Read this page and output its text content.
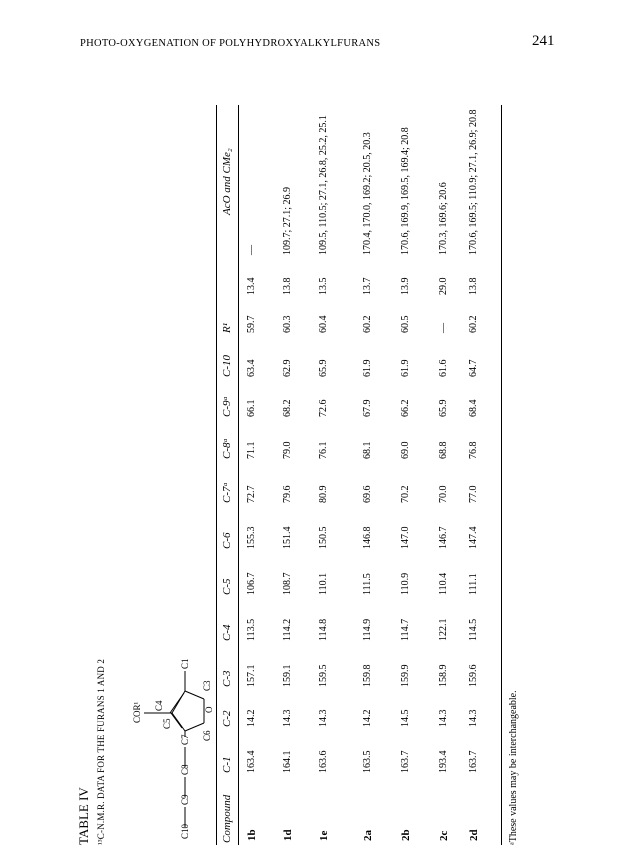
PHOTO-OXYGENATION OF POLYHYDROXYALKYLFURANS	241
TABLE IV ¹³C-N.M.R. DATA FOR THE FURANS 1 AND 2	C10
C9
C8
C7 C6
C5
C4
C3
C1
O
COR¹
Compound
C-1
C-2
C-3
C-4
C-5
C-6
C-7ᵃ
C-8ᵃ
C-9ᵃ
C-10
R¹
AcO and CMe₂
1b
163.4
14.2
157.1
113.5
106.7
155.3
72.7
71.1
66.1
63.4
59.7
13.4
—
1d
164.1
14.3
159.1
114.2
108.7
151.4
79.6
79.0
68.2
62.9
60.3
13.8
109.7; 27.1; 26.9
1e
163.6
14.3
159.5
114.8
110.1
150.5
80.9
76.1
72.6
65.9
60.4
13.5
109.5, 110.5; 27.1, 26.8, 25.2, 25.1
2a
163.5
14.2
159.8
114.9
111.5
146.8
69.6
68.1
67.9
61.9
60.2
13.7
170.4, 170.0, 169.2; 20.5, 20.3
2b
163.7
14.5
159.9
114.7
110.9
147.0
70.2
69.0
66.2
61.9
60.5
13.9
170.6, 169.9, 169.5, 169.4; 20.8
2c
193.4
14.3
158.9
122.1
110.4
146.7
70.0
68.8
65.9
61.6
—
29.0
170.3, 169.6; 20.6
2d
163.7
14.3
159.6
114.5
111.1
147.4
77.0
76.8
68.4
64.7
60.2
13.8
170.6, 169.5; 110.9; 27.1, 26.9; 20.8
ᵃThese values may be interchangeable.
